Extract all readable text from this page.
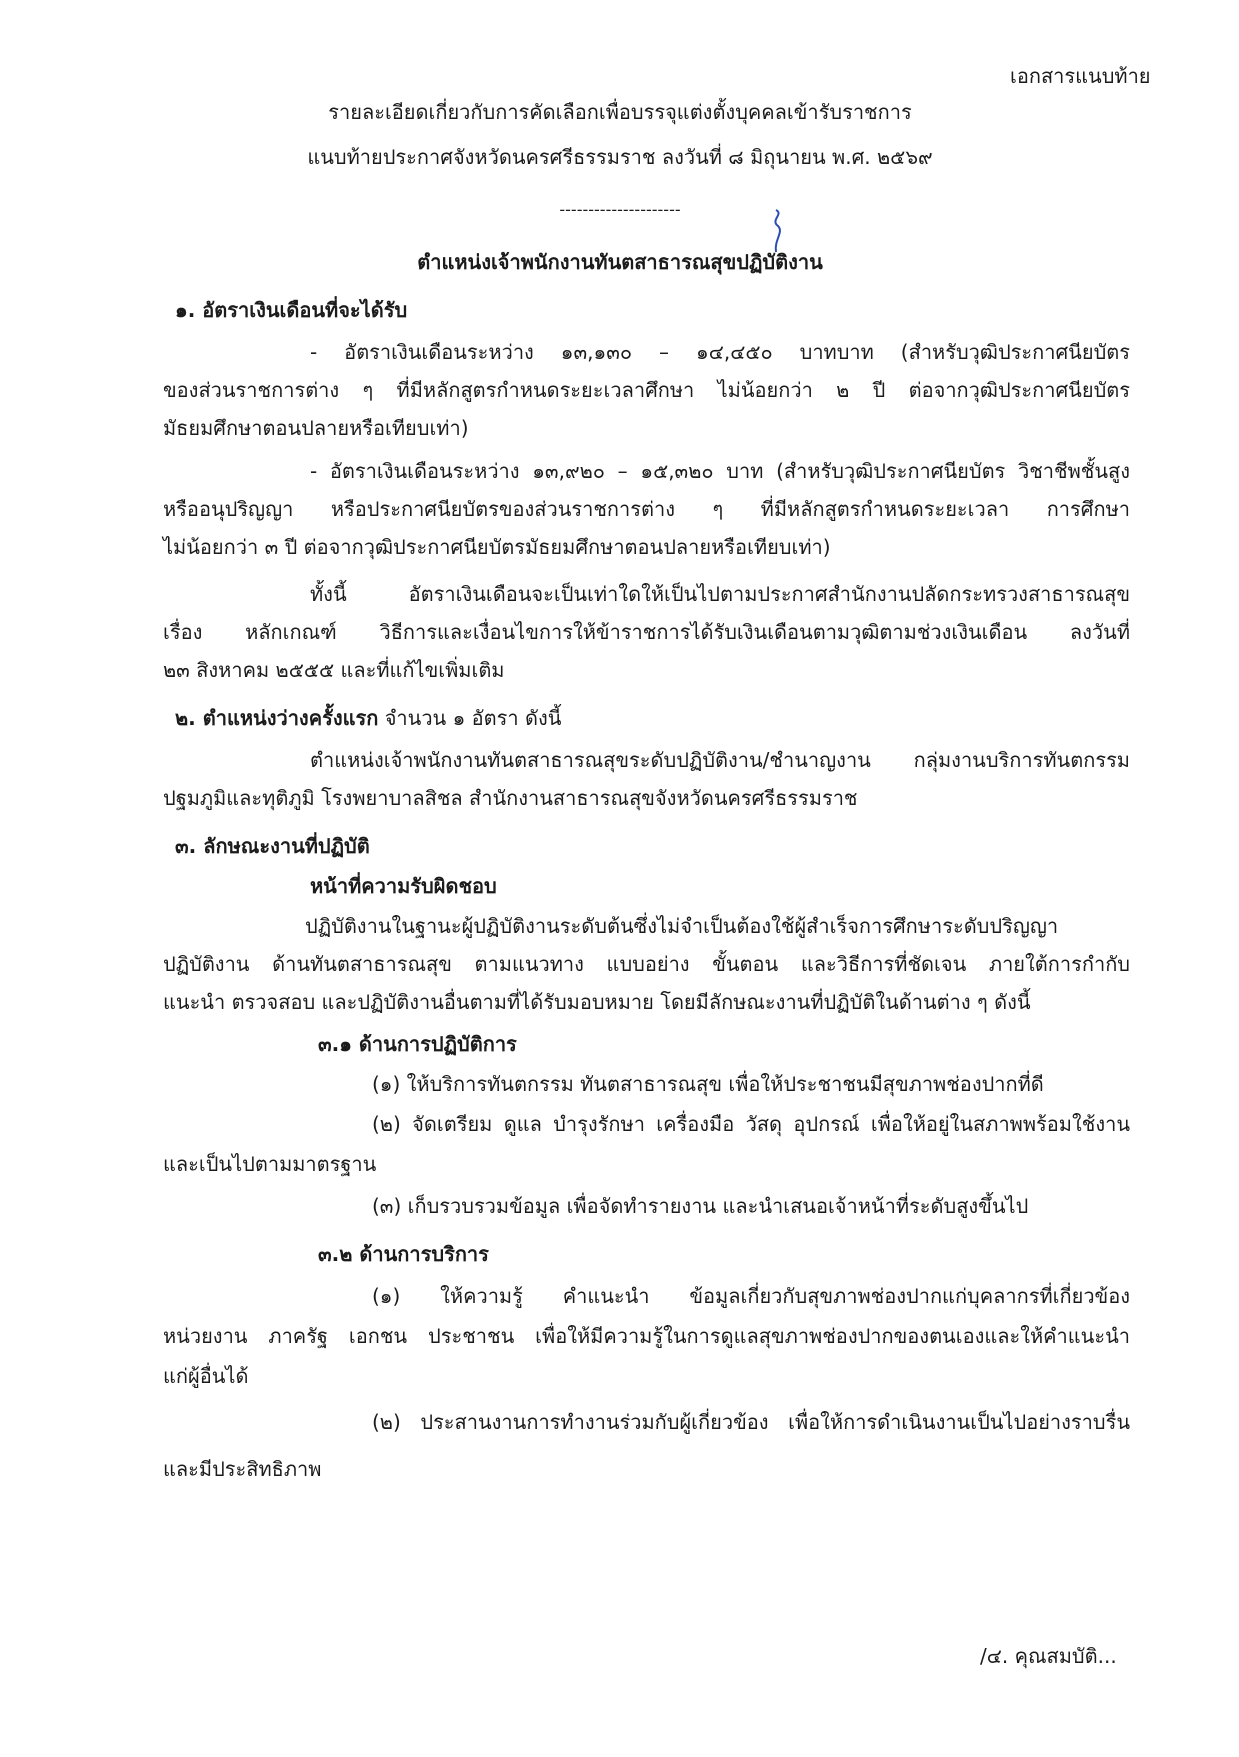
เอกสารแนบท้าย
รายละเอียดเกี่ยวกับการคัดเลือกเพื่อบรรจุแต่งตั้งบุคคลเข้ารับราชการ
แนบท้ายประกาศจังหวัดนครศรีธรรมราช ลงวันที่ ๘ มิถุนายน พ.ศ. ๒๕๖๙
---------------------
ตำแหน่งเจ้าพนักงานทันตสาธารณสุขปฏิบัติงาน
๑. อัตราเงินเดือนที่จะได้รับ
- อัตราเงินเดือนระหว่าง ๑๓,๑๓๐ – ๑๔,๔๕๐ บาทบาท (สำหรับวุฒิประกาศนียบัตร
ของส่วนราชการต่าง ๆ ที่มีหลักสูตรกำหนดระยะเวลาศึกษา ไม่น้อยกว่า ๒ ปี ต่อจากวุฒิประกาศนียบัตร
มัธยมศึกษาตอนปลายหรือเทียบเท่า)
- อัตราเงินเดือนระหว่าง ๑๓,๙๒๐ – ๑๕,๓๒๐ บาท (สำหรับวุฒิประกาศนียบัตร วิชาชีพชั้นสูง
หรืออนุปริญญา หรือประกาศนียบัตรของส่วนราชการต่าง ๆ ที่มีหลักสูตรกำหนดระยะเวลา การศึกษา
ไม่น้อยกว่า ๓ ปี ต่อจากวุฒิประกาศนียบัตรมัธยมศึกษาตอนปลายหรือเทียบเท่า)
ทั้งนี้ อัตราเงินเดือนจะเป็นเท่าใดให้เป็นไปตามประกาศสำนักงานปลัดกระทรวงสาธารณสุข
เรื่อง หลักเกณฑ์ วิธีการและเงื่อนไขการให้ข้าราชการได้รับเงินเดือนตามวุฒิตามช่วงเงินเดือน ลงวันที่
๒๓ สิงหาคม ๒๕๕๕ และที่แก้ไขเพิ่มเติม
๒. ตำแหน่งว่างครั้งแรก จำนวน ๑ อัตรา ดังนี้
ตำแหน่งเจ้าพนักงานทันตสาธารณสุขระดับปฏิบัติงาน/ชำนาญงาน กลุ่มงานบริการทันตกรรม
ปฐมภูมิและทุติภูมิ โรงพยาบาลสิชล สำนักงานสาธารณสุขจังหวัดนครศรีธรรมราช
๓. ลักษณะงานที่ปฏิบัติ
หน้าที่ความรับผิดชอบ
ปฏิบัติงานในฐานะผู้ปฏิบัติงานระดับต้นซึ่งไม่จำเป็นต้องใช้ผู้สำเร็จการศึกษาระดับปริญญา
ปฏิบัติงาน ด้านทันตสาธารณสุข ตามแนวทาง แบบอย่าง ขั้นตอน และวิธีการที่ชัดเจน ภายใต้การกำกับ
แนะนำ ตรวจสอบ และปฏิบัติงานอื่นตามที่ได้รับมอบหมาย โดยมีลักษณะงานที่ปฏิบัติในด้านต่าง ๆ ดังนี้
๓.๑ ด้านการปฏิบัติการ
(๑) ให้บริการทันตกรรม ทันตสาธารณสุข เพื่อให้ประชาชนมีสุขภาพช่องปากที่ดี
(๒) จัดเตรียม ดูแล บำรุงรักษา เครื่องมือ วัสดุ อุปกรณ์ เพื่อให้อยู่ในสภาพพร้อมใช้งาน
และเป็นไปตามมาตรฐาน
(๓) เก็บรวบรวมข้อมูล เพื่อจัดทำรายงาน และนำเสนอเจ้าหน้าที่ระดับสูงขึ้นไป
๓.๒ ด้านการบริการ
(๑) ให้ความรู้ คำแนะนำ ข้อมูลเกี่ยวกับสุขภาพช่องปากแก่บุคลากรที่เกี่ยวข้อง
หน่วยงาน ภาครัฐ เอกชน ประชาชน เพื่อให้มีความรู้ในการดูแลสุขภาพช่องปากของตนเองและให้คำแนะนำ
แก่ผู้อื่นได้
(๒) ประสานงานการทำงานร่วมกับผู้เกี่ยวข้อง เพื่อให้การดำเนินงานเป็นไปอย่างราบรื่น
และมีประสิทธิภาพ
/๔. คุณสมบัติ...
